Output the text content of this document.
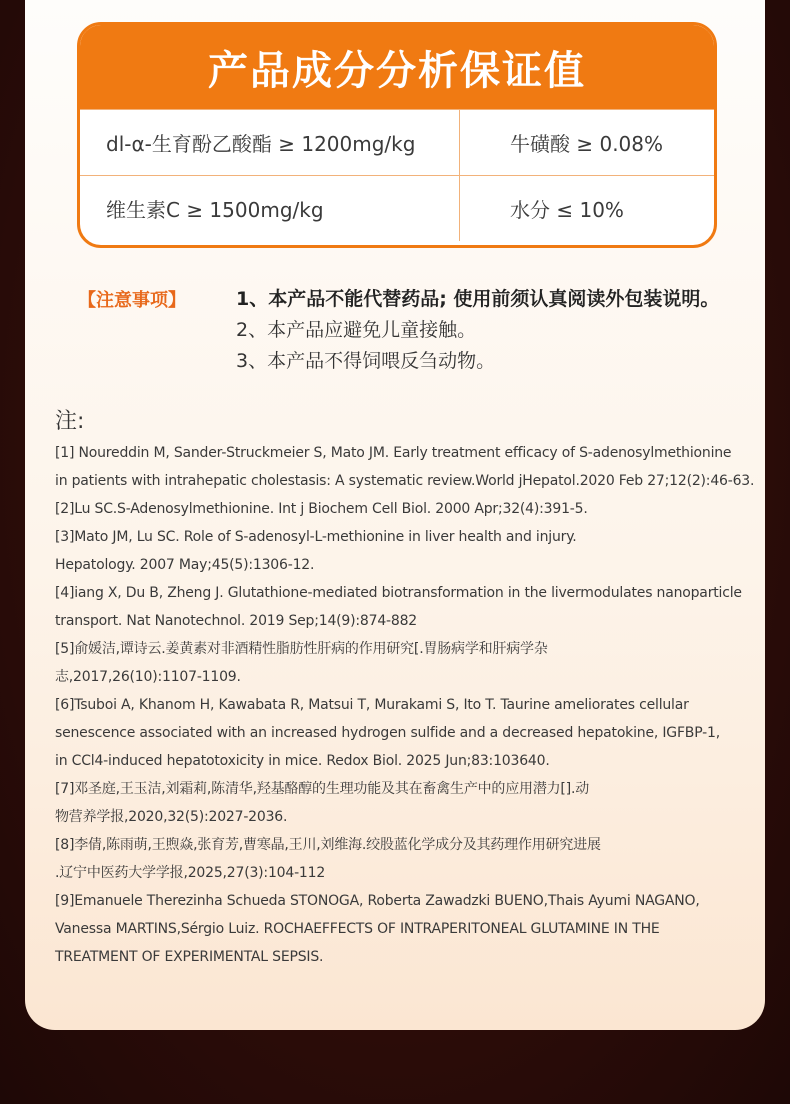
产品成分分析保证值
dl-α-生育酚乙酸酯 ≥ 1200mg/kg	牛磺酸 ≥ 0.08%
维生素C ≥ 1500mg/kg	水分 ≤ 10%
【注意事项】	1、本产品不能代替药品; 使用前须认真阅读外包装说明。
2、本产品应避免儿童接触。
3、本产品不得饲喂反刍动物。
注:
[1] Noureddin M, Sander-Struckmeier S, Mato JM. Early treatment efficacy of S-adenosylmethionine
in patients with intrahepatic cholestasis: A systematic review.World jHepatol.2020 Feb 27;12(2):46-63.
[2]Lu SC.S-Adenosylmethionine. Int j Biochem Cell Biol. 2000 Apr;32(4):391-5.
[3]Mato JM, Lu SC. Role of S-adenosyl-L-methionine in liver health and injury.
Hepatology. 2007 May;45(5):1306-12.
[4]iang X, Du B, Zheng J. Glutathione-mediated biotransformation in the livermodulates nanoparticle
transport. Nat Nanotechnol. 2019 Sep;14(9):874-882
[5]俞媛洁,谭诗云.姜黄素对非酒精性脂肪性肝病的作用研究[.胃肠病学和肝病学杂
志,2017,26(10):1107-1109.
[6]Tsuboi A, Khanom H, Kawabata R, Matsui T, Murakami S, Ito T. Taurine ameliorates cellular
senescence associated with an increased hydrogen sulfide and a decreased hepatokine, IGFBP-1,
in CCl4-induced hepatotoxicity in mice. Redox Biol. 2025 Jun;83:103640.
[7]邓圣庭,王玉洁,刘霜莉,陈清华,羟基酪醇的生理功能及其在畜禽生产中的应用潜力[].动
物营养学报,2020,32(5):2027-2036.
[8]李倩,陈雨萌,王煦焱,张育芳,曹寒晶,王川,刘维海.绞股蓝化学成分及其药理作用研究进展
.辽宁中医药大学学报,2025,27(3):104-112
[9]Emanuele Therezinha Schueda STONOGA, Roberta Zawadzki BUENO,Thais Ayumi NAGANO,
Vanessa MARTINS,Sérgio Luiz. ROCHAEFFECTS OF INTRAPERITONEAL GLUTAMINE IN THE
TREATMENT OF EXPERIMENTAL SEPSIS.
